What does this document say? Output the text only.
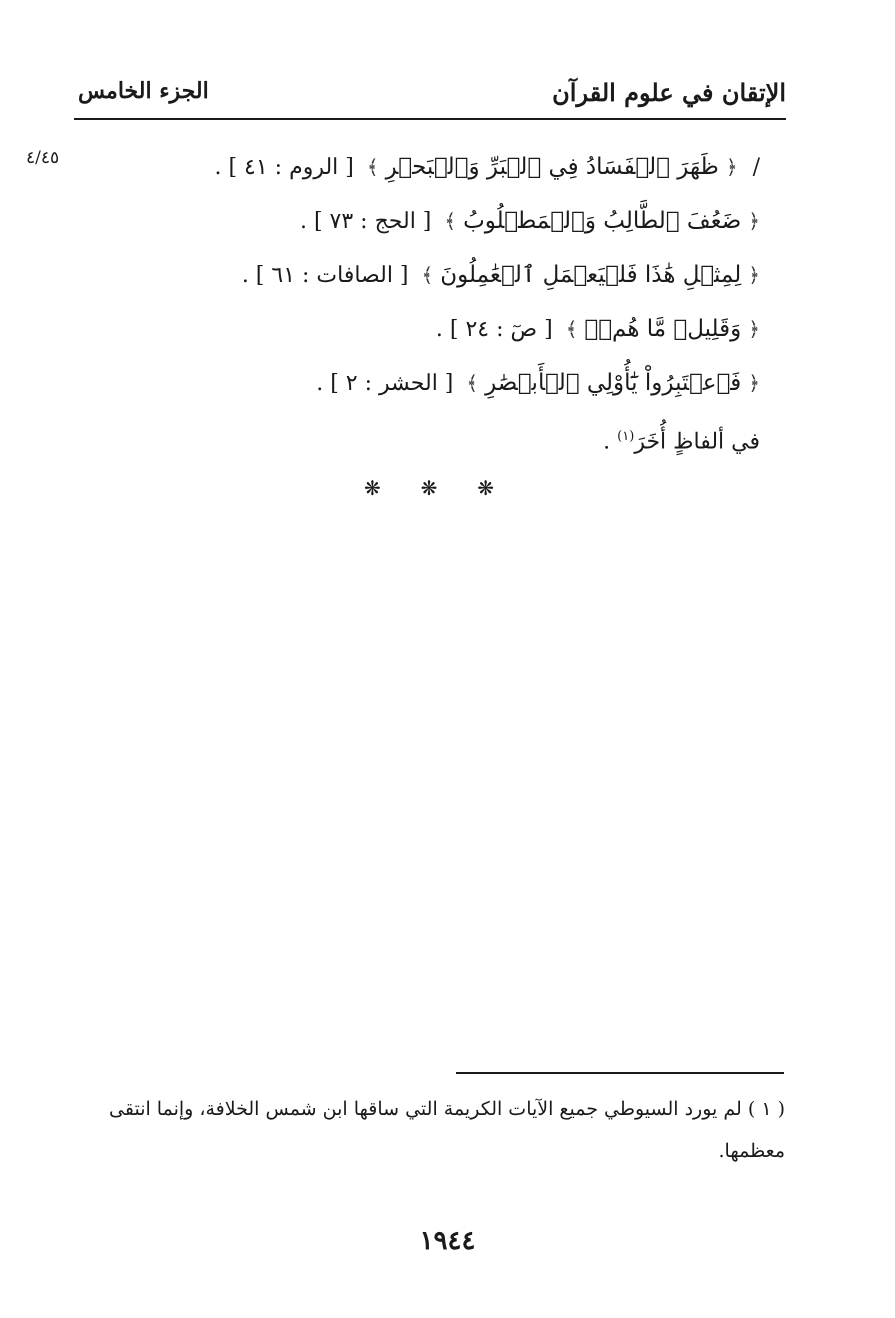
الإتقان في علوم القرآن
الجزء الخامس
٤/٤٥	/ ﴿ ظَهَرَ ٱلۡفَسَادُ فِي ٱلۡبَرِّ وَٱلۡبَحۡرِ ﴾ [ الروم : ٤١ ] .
﴿ ضَعُفَ ٱلطَّالِبُ وَٱلۡمَطۡلُوبُ ﴾ [ الحج : ٧٣ ] .
﴿ لِمِثۡلِ هَٰذَا فَلۡيَعۡمَلِ ٱلۡعَٰمِلُونَ ﴾ [ الصافات : ٦١ ] .
﴿ وَقَلِيلٞ مَّا هُمۡۗ ﴾ [ صٓ : ٢٤ ] .
﴿ فَٱعۡتَبِرُواْ يَٰٓأُوْلِي ٱلۡأَبۡصَٰرِ ﴾ [ الحشر : ٢ ] .
في ألفاظٍ أُخَرَ$^{(١)}$ .
❋ ❋ ❋
( ١ ) لم يورد السيوطي جميع الآيات الكريمة التي ساقها ابن شمس الخلافة، وإنما انتقى معظمها.
١٩٤٤
